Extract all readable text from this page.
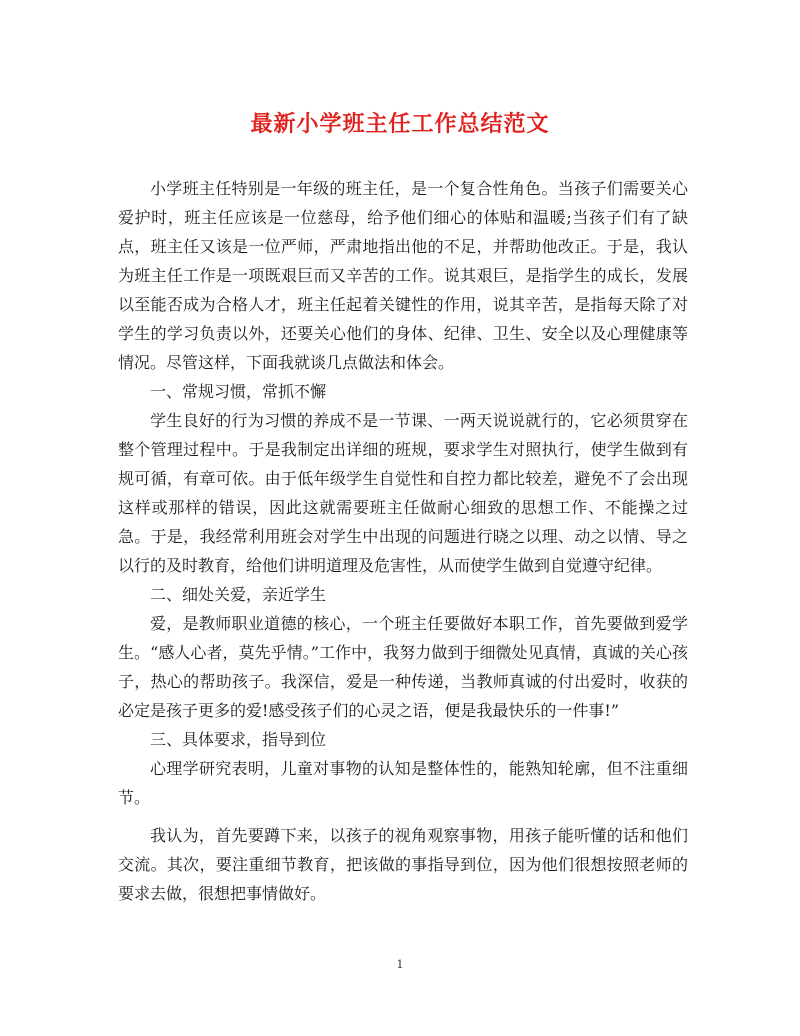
最新小学班主任工作总结范文

小学班主任特别是一年级的班主任，是一个复合性角色。当孩子们需要关心爱护时，班主任应该是一位慈母，给予他们细心的体贴和温暖;当孩子们有了缺点，班主任又该是一位严师，严肃地指出他的不足，并帮助他改正。于是，我认为班主任工作是一项既艰巨而又辛苦的工作。说其艰巨，是指学生的成长，发展以至能否成为合格人才，班主任起着关键性的作用，说其辛苦，是指每天除了对学生的学习负责以外，还要关心他们的身体、纪律、卫生、安全以及心理健康等情况。尽管这样，下面我就谈几点做法和体会。

一、常规习惯，常抓不懈

学生良好的行为习惯的养成不是一节课、一两天说说就行的，它必须贯穿在整个管理过程中。于是我制定出详细的班规，要求学生对照执行，使学生做到有规可循，有章可依。由于低年级学生自觉性和自控力都比较差，避免不了会出现这样或那样的错误，因此这就需要班主任做耐心细致的思想工作、不能操之过急。于是，我经常利用班会对学生中出现的问题进行晓之以理、动之以情、导之以行的及时教育，给他们讲明道理及危害性，从而使学生做到自觉遵守纪律。

二、细处关爱，亲近学生

爱，是教师职业道德的核心，一个班主任要做好本职工作，首先要做到爱学生。“感人心者，莫先乎情。”工作中，我努力做到于细微处见真情，真诚的关心孩子，热心的帮助孩子。我深信，爱是一种传递，当教师真诚的付出爱时，收获的必定是孩子更多的爱!感受孩子们的心灵之语，便是我最快乐的一件事!”

三、具体要求，指导到位

心理学研究表明，儿童对事物的认知是整体性的，能熟知轮廓，但不注重细节。

我认为，首先要蹲下来，以孩子的视角观察事物，用孩子能听懂的话和他们交流。其次，要注重细节教育，把该做的事指导到位，因为他们很想按照老师的要求去做，很想把事情做好。

1
